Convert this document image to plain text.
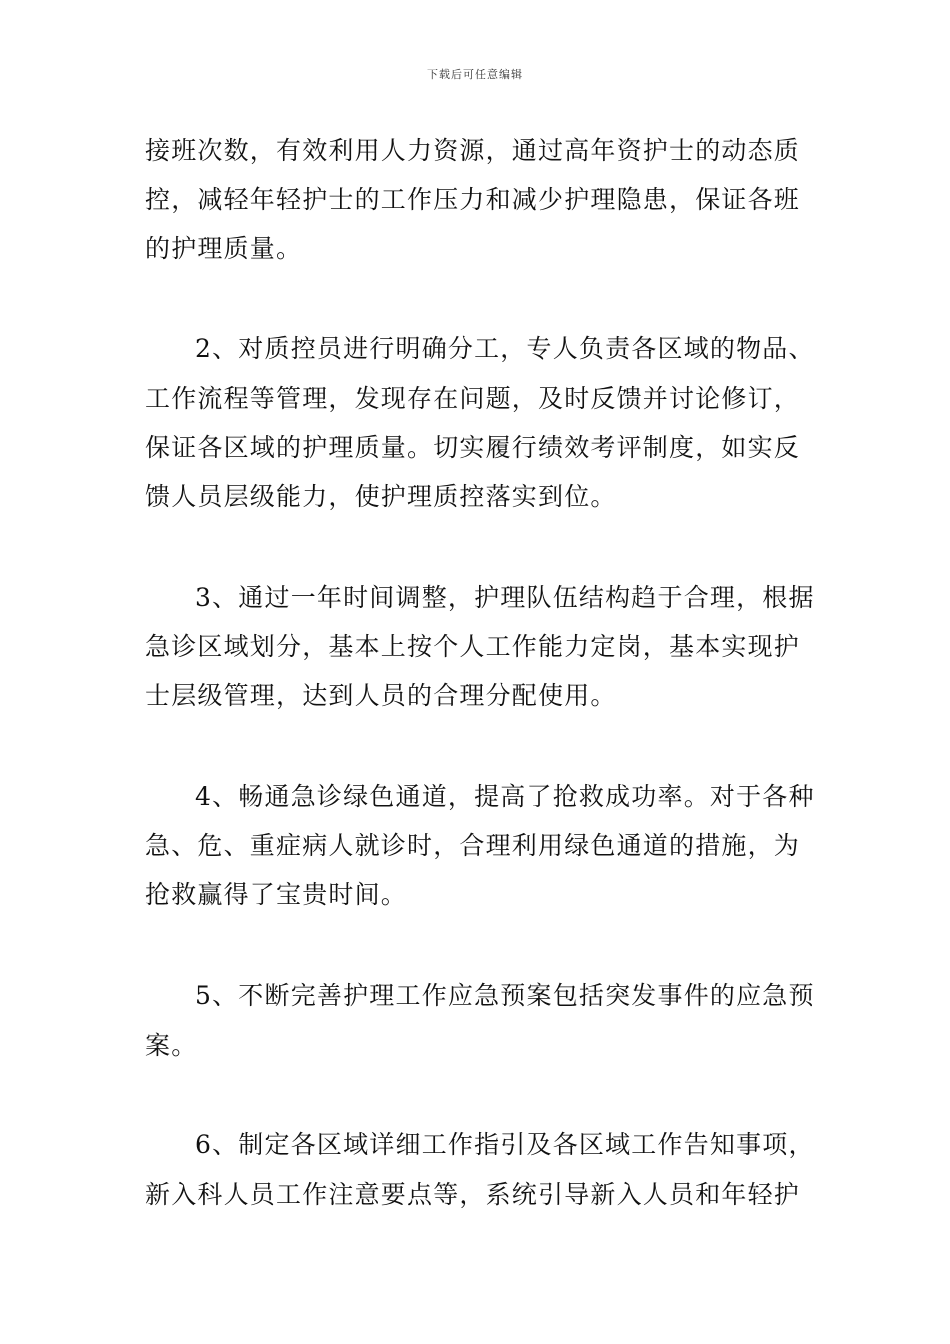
下载后可任意编辑
接班次数，有效利用人力资源，通过高年资护士的动态质
控，减轻年轻护士的工作压力和减少护理隐患，保证各班
的护理质量。
2、对质控员进行明确分工，专人负责各区域的物品、
工作流程等管理，发现存在问题，及时反馈并讨论修订，
保证各区域的护理质量。切实履行绩效考评制度，如实反
馈人员层级能力，使护理质控落实到位。
3、通过一年时间调整，护理队伍结构趋于合理，根据
急诊区域划分，基本上按个人工作能力定岗，基本实现护
士层级管理，达到人员的合理分配使用。
4、畅通急诊绿色通道，提高了抢救成功率。对于各种
急、危、重症病人就诊时，合理利用绿色通道的措施，为
抢救赢得了宝贵时间。
5、不断完善护理工作应急预案包括突发事件的应急预
案。
6、制定各区域详细工作指引及各区域工作告知事项，
新入科人员工作注意要点等，系统引导新入人员和年轻护
